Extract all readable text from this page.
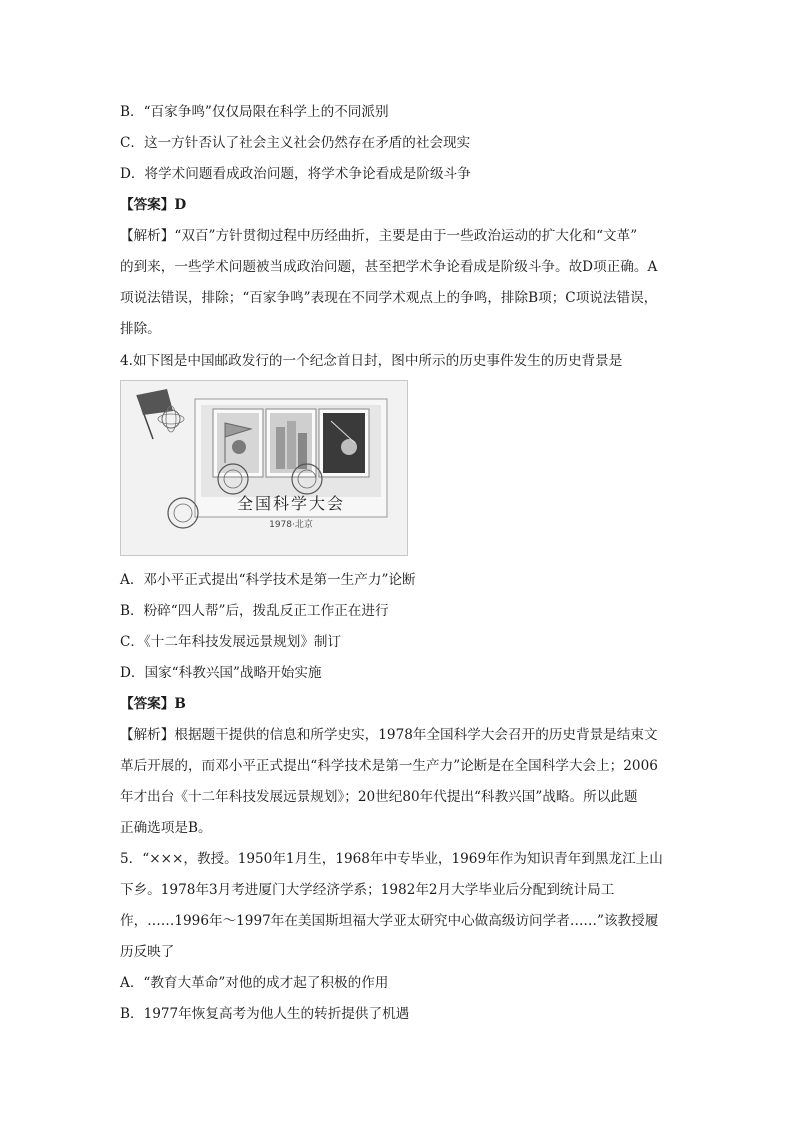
B．“百家争鸣”仅仅局限在科学上的不同派别
C．这一方针否认了社会主义社会仍然存在矛盾的社会现实
D．将学术问题看成政治问题，将学术争论看成是阶级斗争
【答案】D
【解析】“双百”方针贯彻过程中历经曲折，主要是由于一些政治运动的扩大化和“文革”
的到来，一些学术问题被当成政治问题，甚至把学术争论看成是阶级斗争。故D项正确。A
项说法错误，排除；“百家争鸣”表现在不同学术观点上的争鸣，排除B项；C项说法错误，
排除。
4.如下图是中国邮政发行的一个纪念首日封，图中所示的历史事件发生的历史背景是
全国科学大会
1978·北京
A．邓小平正式提出“科学技术是第一生产力”论断
B．粉碎“四人帮”后，拨乱反正工作正在进行
C．《十二年科技发展远景规划》制订
D．国家“科教兴国”战略开始实施
【答案】B
【解析】根据题干提供的信息和所学史实，1978年全国科学大会召开的历史背景是结束文
革后开展的，而邓小平正式提出“科学技术是第一生产力”论断是在全国科学大会上；2006
年才出台《十二年科技发展远景规划》；20世纪80年代提出“科教兴国”战略。所以此题
正确选项是B。
5．“×××，教授。1950年1月生，1968年中专毕业，1969年作为知识青年到黑龙江上山
下乡。1978年3月考进厦门大学经济学系；1982年2月大学毕业后分配到统计局工
作，……1996年～1997年在美国斯坦福大学亚太研究中心做高级访问学者……”该教授履
历反映了
A．“教育大革命”对他的成才起了积极的作用
B．1977年恢复高考为他人生的转折提供了机遇
